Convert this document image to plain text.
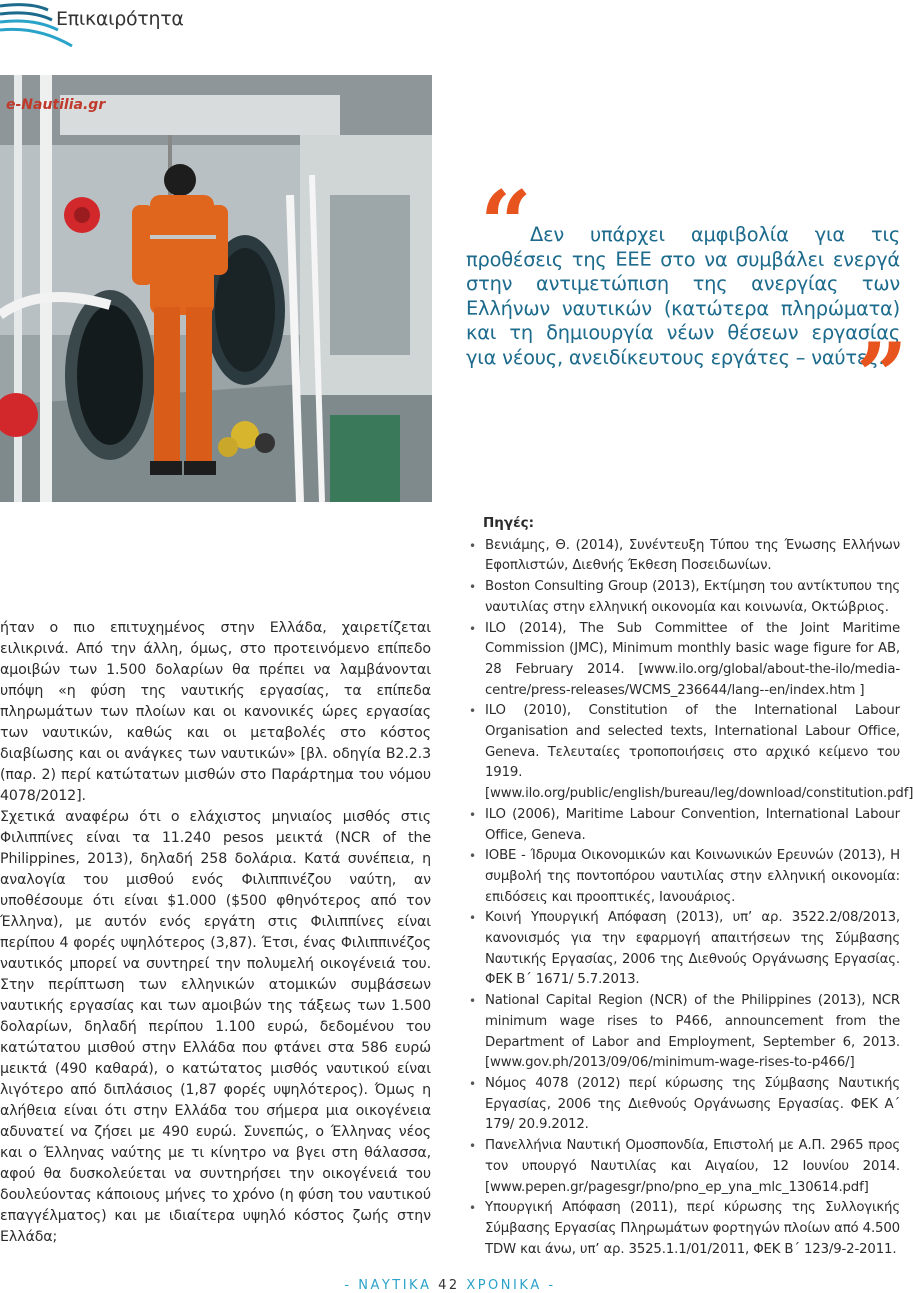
Επικαιρότητα
e-Nautilia.gr
“

Δεν υπάρχει αμφιβολία για τις προθέσεις της ΕΕΕ στο να συμβάλει ενεργά στην αντιμετώπιση της ανεργίας των Ελλήνων ναυτικών (κατώτερα πληρώματα) και τη δημιουργία νέων θέσεων εργασίας για νέους, ανειδίκευτους εργάτες – ναύτες.

”

ήταν ο πιο επιτυχημένος στην Ελλάδα, χαιρετίζεται ειλικρινά. Από την άλλη, όμως, στο προτεινόμενο επίπεδο αμοιβών των 1.500 δολαρίων θα πρέπει να λαμβάνονται υπόψη «η φύση της ναυτικής εργασίας, τα επίπεδα πληρωμάτων των πλοίων και οι κανονικές ώρες εργασίας των ναυτικών, καθώς και οι μεταβολές στο κόστος διαβίωσης και οι ανάγκες των ναυτικών» [βλ. οδηγία Β2.2.3 (παρ. 2) περί κατώτατων μισθών στο Παράρτημα του νόμου 4078/2012].

Σχετικά αναφέρω ότι ο ελάχιστος μηνιαίος μισθός στις Φιλιππίνες είναι τα 11.240 pesos μεικτά (NCR of the Philippines, 2013), δηλαδή 258 δολάρια. Κατά συνέπεια, η αναλογία του μισθού ενός Φιλιππινέζου ναύτη, αν υποθέσουμε ότι είναι $1.000 ($500 φθηνότερος από τον Έλληνα), με αυτόν ενός εργάτη στις Φιλιππίνες είναι περίπου 4 φορές υψηλότερος (3,87). Έτσι, ένας Φιλιππινέζος ναυτικός μπορεί να συντηρεί την πολυμελή οικογένειά του. Στην περίπτωση των ελληνικών ατομικών συμβάσεων ναυτικής εργασίας και των αμοιβών της τάξεως των 1.500 δολαρίων, δηλαδή περίπου 1.100 ευρώ, δεδομένου του κατώτατου μισθού στην Ελλάδα που φτάνει στα 586 ευρώ μεικτά (490 καθαρά), ο κατώτατος μισθός ναυτικού είναι λιγότερο από διπλάσιος (1,87 φορές υψηλότερος). Όμως η αλήθεια είναι ότι στην Ελλάδα του σήμερα μια οικογένεια αδυνατεί να ζήσει με 490 ευρώ. Συνεπώς, ο Έλληνας νέος και ο Έλληνας ναύτης με τι κίνητρο να βγει στη θάλασσα, αφού θα δυσκολεύεται να συντηρήσει την οικογένειά του δουλεύοντας κάποιους μήνες το χρόνο (η φύση του ναυτικού επαγγέλματος) και με ιδιαίτερα υψηλό κόστος ζωής στην Ελλάδα;

Πηγές:
• Βενιάμης, Θ. (2014), Συνέντευξη Τύπου της Ένωσης Ελλήνων Εφοπλιστών, Διεθνής Έκθεση Ποσειδωνίων.
• Boston Consulting Group (2013), Εκτίμηση του αντίκτυπου της ναυτιλίας στην ελληνική οικονομία και κοινωνία, Οκτώβριος.
• ILO (2014), The Sub Committee of the Joint Maritime Commission (JMC), Minimum monthly basic wage figure for AB, 28 February 2014. [www.ilo.org/global/about-the-ilo/media-centre/press-releases/WCMS_236644/lang--en/index.htm ]
• ILO (2010), Constitution of the International Labour Organisation and selected texts, International Labour Office, Geneva. Τελευταίες τροποποιήσεις στο αρχικό κείμενο του 1919. [www.ilo.org/public/english/bureau/leg/download/constitution.pdf]
• ILO (2006), Maritime Labour Convention, International Labour Office, Geneva.
• ΙΟΒΕ - Ίδρυμα Οικονομικών και Κοινωνικών Ερευνών (2013), Η συμβολή της ποντοπόρου ναυτιλίας στην ελληνική οικονομία: επιδόσεις και προοπτικές, Ιανουάριος.
• Κοινή Υπουργική Απόφαση (2013), υπ’ αρ. 3522.2/08/2013, κανονισμός για την εφαρμογή απαιτήσεων της Σύμβασης Ναυτικής Εργασίας, 2006 της Διεθνούς Οργάνωσης Εργασίας. ΦΕΚ Β΄ 1671/ 5.7.2013.
• National Capital Region (NCR) of the Philippines (2013), NCR minimum wage rises to P466, announcement from the Department of Labor and Employment, September 6, 2013. [www.gov.ph/2013/09/06/minimum-wage-rises-to-p466/]
• Νόμος 4078 (2012) περί κύρωσης της Σύμβασης Ναυτικής Εργασίας, 2006 της Διεθνούς Οργάνωσης Εργασίας. ΦΕΚ Α΄ 179/ 20.9.2012.
• Πανελλήνια Ναυτική Ομοσπονδία, Επιστολή με Α.Π. 2965 προς τον υπουργό Ναυτιλίας και Αιγαίου, 12 Ιουνίου 2014. [www.pepen.gr/pagesgr/pno/pno_ep_yna_mlc_130614.pdf]
• Υπουργική Απόφαση (2011), περί κύρωσης της Συλλογικής Σύμβασης Εργασίας Πληρωμάτων φορτηγών πλοίων από 4.500 TDW και άνω, υπ’ αρ. 3525.1.1/01/2011, ΦΕΚ Β΄ 123/9-2-2011.
- ΝΑΥΤΙΚΑ 42 ΧΡΟΝΙΚΑ -
